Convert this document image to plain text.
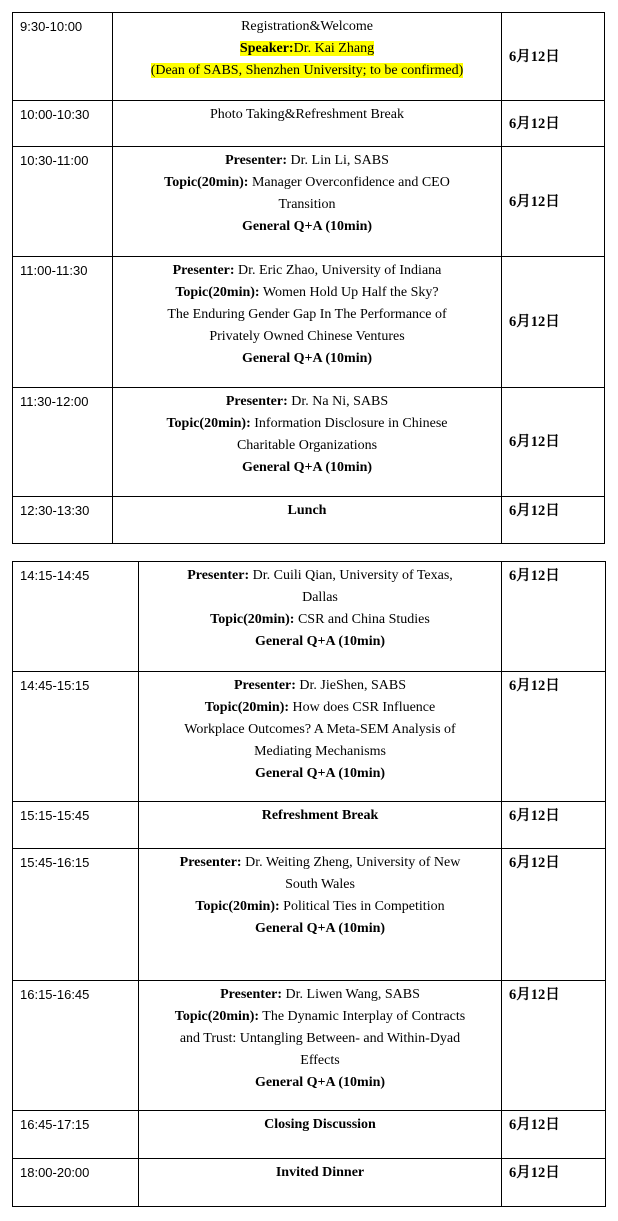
9:30-10:00	Registration&Welcome
Speaker:Dr. Kai Zhang
(Dean of SABS, Shenzhen University; to be confirmed)	6月12日
10:00-10:30	Photo Taking&Refreshment Break	6月12日
10:30-11:00	Presenter: Dr. Lin Li, SABS
Topic(20min): Manager Overconfidence and CEO
Transition
General Q+A (10min)	6月12日
11:00-11:30	Presenter: Dr. Eric Zhao, University of Indiana
Topic(20min): Women Hold Up Half the Sky?
The Enduring Gender Gap In The Performance of
Privately Owned Chinese Ventures
General Q+A (10min)	6月12日
11:30-12:00	Presenter: Dr. Na Ni, SABS
Topic(20min): Information Disclosure in Chinese
Charitable Organizations
General Q+A (10min)	6月12日
12:30-13:30	Lunch	6月12日
14:15-14:45	Presenter: Dr. Cuili Qian, University of Texas,
Dallas
Topic(20min): CSR and China Studies
General Q+A (10min)	6月12日
14:45-15:15	Presenter: Dr. JieShen, SABS
Topic(20min): How does CSR Influence
Workplace Outcomes? A Meta-SEM Analysis of
Mediating Mechanisms
General Q+A (10min)	6月12日
15:15-15:45	Refreshment Break	6月12日
15:45-16:15	Presenter: Dr. Weiting Zheng, University of New
South Wales
Topic(20min): Political Ties in Competition
General Q+A (10min)	6月12日
16:15-16:45	Presenter: Dr. Liwen Wang, SABS
Topic(20min): The Dynamic Interplay of Contracts
and Trust: Untangling Between- and Within-Dyad
Effects
General Q+A (10min)	6月12日
16:45-17:15	Closing Discussion	6月12日
18:00-20:00	Invited Dinner	6月12日
